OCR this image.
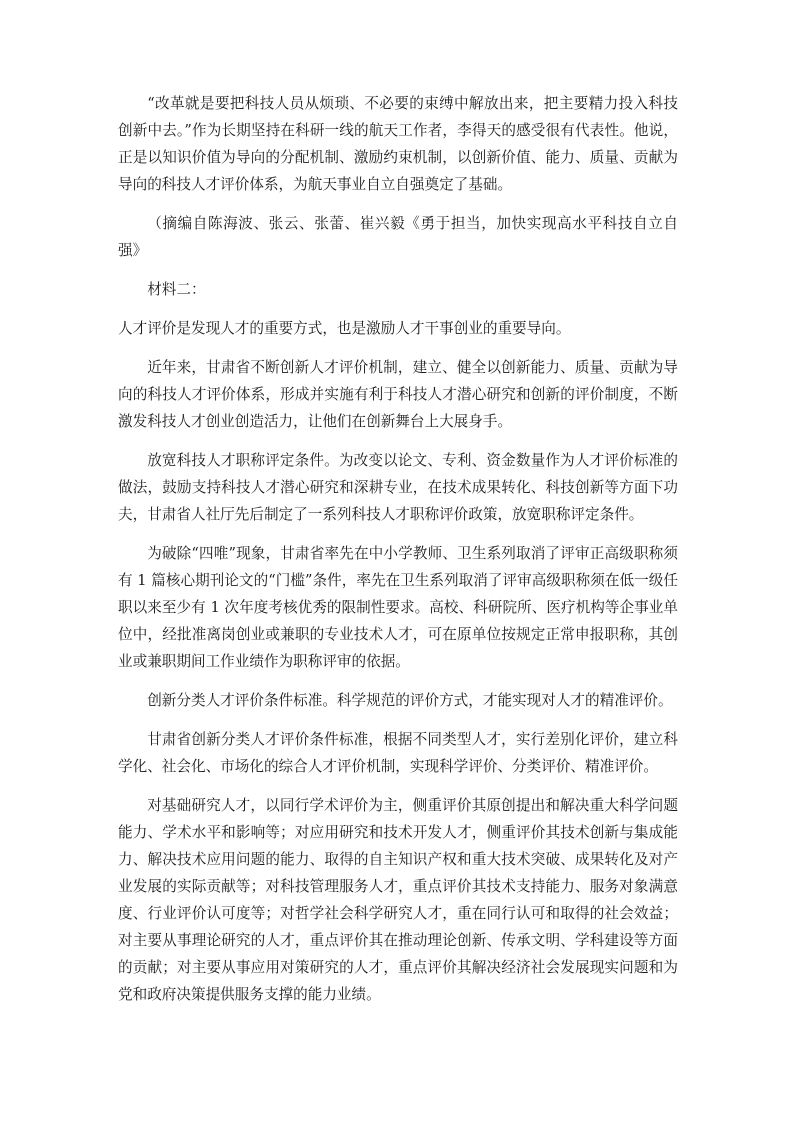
“改革就是要把科技人员从烦琐、不必要的束缚中解放出来，把主要精力投入科技创新中去。”作为长期坚持在科研一线的航天工作者，李得天的感受很有代表性。他说，正是以知识价值为导向的分配机制、激励约束机制，以创新价值、能力、质量、贡献为导向的科技人才评价体系，为航天事业自立自强奠定了基础。

（摘编自陈海波、张云、张蕾、崔兴毅《勇于担当，加快实现高水平科技自立自强》

材料二：

人才评价是发现人才的重要方式，也是激励人才干事创业的重要导向。

近年来，甘肃省不断创新人才评价机制，建立、健全以创新能力、质量、贡献为导向的科技人才评价体系，形成并实施有利于科技人才潜心研究和创新的评价制度，不断激发科技人才创业创造活力，让他们在创新舞台上大展身手。

放宽科技人才职称评定条件。为改变以论文、专利、资金数量作为人才评价标准的做法，鼓励支持科技人才潜心研究和深耕专业，在技术成果转化、科技创新等方面下功夫，甘肃省人社厅先后制定了一系列科技人才职称评价政策，放宽职称评定条件。

为破除“四唯”现象，甘肃省率先在中小学教师、卫生系列取消了评审正高级职称须有 1 篇核心期刊论文的“门槛”条件，率先在卫生系列取消了评审高级职称须在低一级任职以来至少有 1 次年度考核优秀的限制性要求。高校、科研院所、医疗机构等企事业单位中，经批准离岗创业或兼职的专业技术人才，可在原单位按规定正常申报职称，其创业或兼职期间工作业绩作为职称评审的依据。

创新分类人才评价条件标准。科学规范的评价方式，才能实现对人才的精准评价。

甘肃省创新分类人才评价条件标准，根据不同类型人才，实行差别化评价，建立科学化、社会化、市场化的综合人才评价机制，实现科学评价、分类评价、精准评价。

对基础研究人才，以同行学术评价为主，侧重评价其原创提出和解决重大科学问题能力、学术水平和影响等；对应用研究和技术开发人才，侧重评价其技术创新与集成能力、解决技术应用问题的能力、取得的自主知识产权和重大技术突破、成果转化及对产业发展的实际贡献等；对科技管理服务人才，重点评价其技术支持能力、服务对象满意度、行业评价认可度等；对哲学社会科学研究人才，重在同行认可和取得的社会效益；对主要从事理论研究的人才，重点评价其在推动理论创新、传承文明、学科建设等方面的贡献；对主要从事应用对策研究的人才，重点评价其解决经济社会发展现实问题和为党和政府决策提供服务支撑的能力业绩。
